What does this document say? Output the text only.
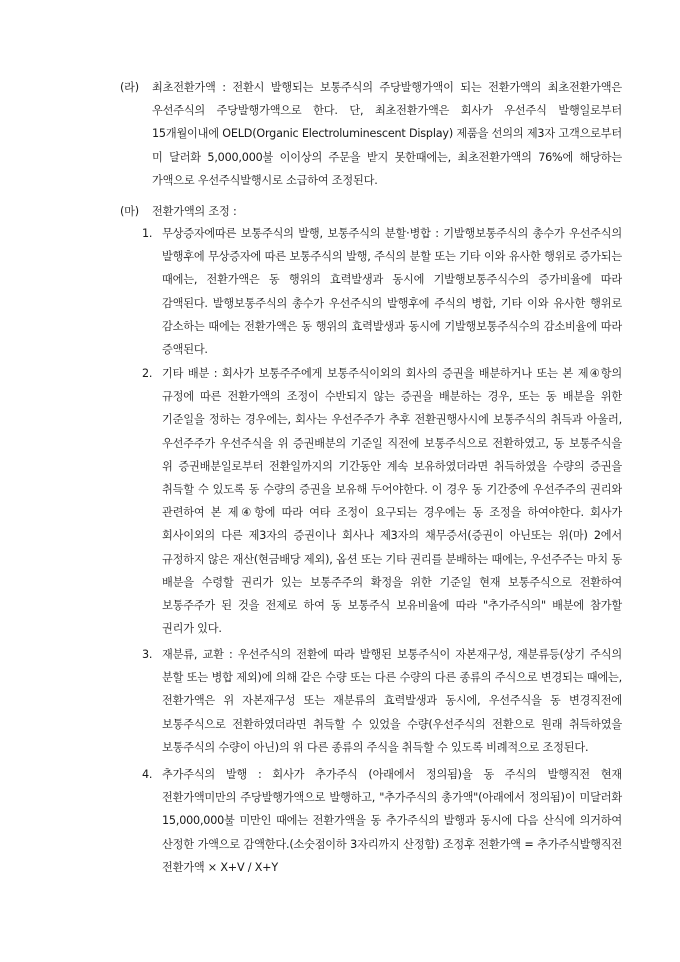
(라) 최초전환가액 : 전환시 발행되는 보통주식의 주당발행가액이 되는 전환가액의 최초전환가액은 우선주식의 주당발행가액으로 한다. 단, 최초전환가액은 회사가 우선주식 발행일로부터 15개월이내에 OELD(Organic Electroluminescent Display) 제품을 선의의 제3자 고객으로부터 미 달러화 5,000,000불 이이상의 주문을 받지 못한때에는, 최초전환가액의 76%에 해당하는 가액으로 우선주식발행시로 소급하여 조정된다.
(마) 전환가액의 조정 :
1. 무상증자에따른 보통주식의 발행, 보통주식의 분할·병합 : 기발행보통주식의 총수가 우선주식의 발행후에 무상증자에 따른 보통주식의 발행, 주식의 분할 또는 기타 이와 유사한 행위로 증가되는 때에는, 전환가액은 동 행위의 효력발생과 동시에 기발행보통주식수의 증가비율에 따라 감액된다. 발행보통주식의 총수가 우선주식의 발행후에 주식의 병합, 기타 이와 유사한 행위로 감소하는 때에는 전환가액은 동 행위의 효력발생과 동시에 기발행보통주식수의 감소비율에 따라 증액된다.
2. 기타 배분 : 회사가 보통주주에게 보통주식이외의 회사의 증권을 배분하거나 또는 본 제④항의 규정에 따른 전환가액의 조정이 수반되지 않는 증권을 배분하는 경우, 또는 동 배분을 위한 기준일을 정하는 경우에는, 회사는 우선주주가 추후 전환권행사시에 보통주식의 취득과 아울러, 우선주주가 우선주식을 위 증권배분의 기준일 직전에 보통주식으로 전환하였고, 동 보통주식을 위 증권배분일로부터 전환일까지의 기간동안 계속 보유하였더라면 취득하였을 수량의 증권을 취득할 수 있도록 동 수량의 증권을 보유해 두어야한다. 이 경우 동 기간중에 우선주주의 권리와 관련하여 본 제④항에 따라 여타 조정이 요구되는 경우에는 동 조정을 하여야한다. 회사가 회사이외의 다른 제3자의 증권이나 회사나 제3자의 채무증서(증권이 아닌또는 위(마) 2에서 규정하지 않은 재산(현금배당 제외), 옵션 또는 기타 권리를 분배하는 때에는, 우선주주는 마치 동 배분을 수령할 권리가 있는 보통주주의 확정을 위한 기준일 현재 보통주식으로 전환하여 보통주주가 된 것을 전제로 하여 동 보통주식 보유비율에 따라 "추가주식의" 배분에 참가할 권리가 있다.
3. 재분류, 교환 : 우선주식의 전환에 따라 발행된 보통주식이 자본재구성, 재분류등(상기 주식의 분할 또는 병합 제외)에 의해 같은 수량 또는 다른 수량의 다른 종류의 주식으로 변경되는 때에는, 전환가액은 위 자본재구성 또는 재분류의 효력발생과 동시에, 우선주식을 동 변경직전에 보통주식으로 전환하였더라면 취득할 수 있었을 수량(우선주식의 전환으로 원래 취득하였을 보통주식의 수량이 아닌)의 위 다른 종류의 주식을 취득할 수 있도록 비례적으로 조정된다.
4. 추가주식의 발행 : 회사가 추가주식 (아래에서 정의됨)을 동 주식의 발행직전 현재 전환가액미만의 주당발행가액으로 발행하고, "추가주식의 총가액"(아래에서 정의됨)이 미달러화 15,000,000불 미만인 때에는 전환가액을 동 추가주식의 발행과 동시에 다음 산식에 의거하여 산정한 가액으로 감액한다.(소숫점이하 3자리까지 산정함) 조정후 전환가액 = 추가주식발행직전 전환가액 × X+V / X+Y
